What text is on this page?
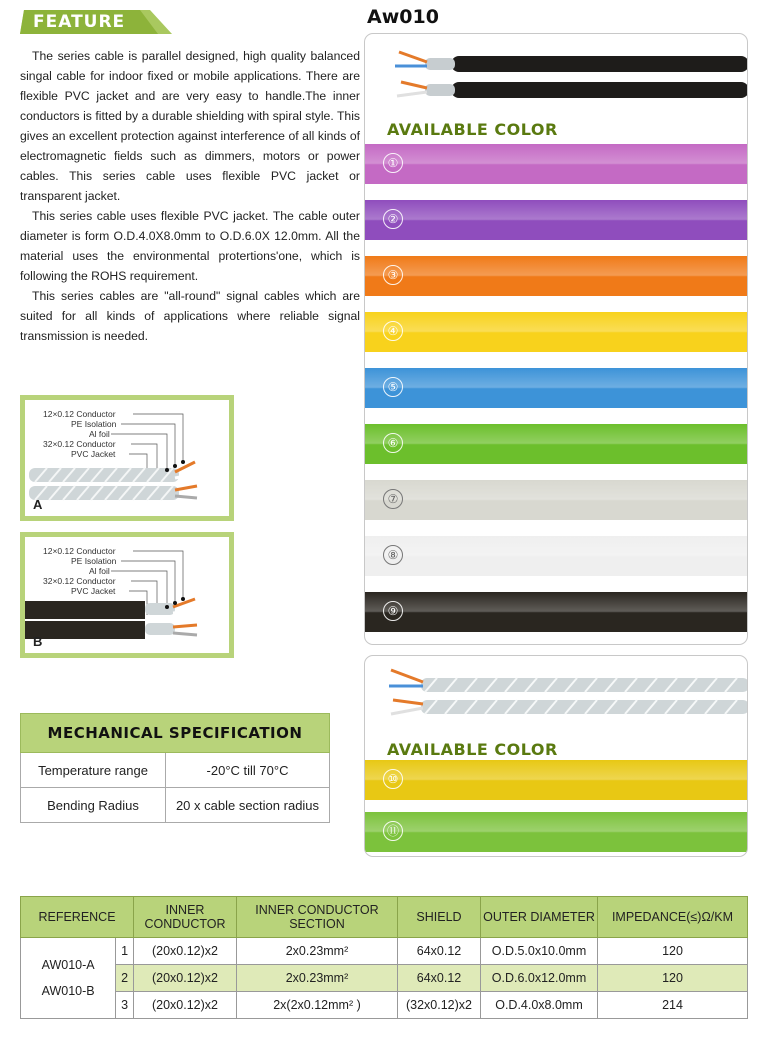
FEATURE	Aw010

The series cable is parallel designed, high quality balanced singal cable for indoor fixed or mobile applications. There are flexible PVC jacket and are very easy to handle.The inner conductors is fitted by a durable shielding with spiral style. This gives an excellent protection against interference of all kinds of electromagnetic fields such as dimmers, motors or power cables. This series cable uses flexible PVC jacket or transparent jacket.

This series cable uses flexible PVC jacket. The cable outer diameter is form O.D.4.0X8.0mm to O.D.6.0X 12.0mm. All the material uses the environmental protertions'one, which is following the ROHS requirement.

This series cables are "all-round" signal cables which are suited for all kinds of applications where reliable signal transmission is needed.

12×0.12 Conductor
PE Isolation
Al foil
32×0.12 Conductor
PVC Jacket
A
12×0.12 Conductor
PE Isolation
Al foil
32×0.12 Conductor
PVC Jacket
B
AVAILABLE COLOR
①
②
③
④
⑤
⑥
⑦
⑧
⑨
AVAILABLE COLOR
⑩
⑪
MECHANICAL SPECIFICATION	
Temperature range	-20°C till 70°C
Bending Radius	20 x cable section radius
REFERENCE		INNER CONDUCTOR	INNER CONDUCTOR SECTION	SHIELD	OUTER DIAMETER	IMPEDANCE(≤)Ω/KM

AW010-A
AW010-B	1	(20x0.12)x2	2x0.23mm²	64x0.12	O.D.5.0x10.0mm	120
	2	(20x0.12)x2	2x0.23mm²	64x0.12	O.D.6.0x12.0mm	120
	3	(20x0.12)x2	2x(2x0.12mm² )	(32x0.12)x2	O.D.4.0x8.0mm	214
